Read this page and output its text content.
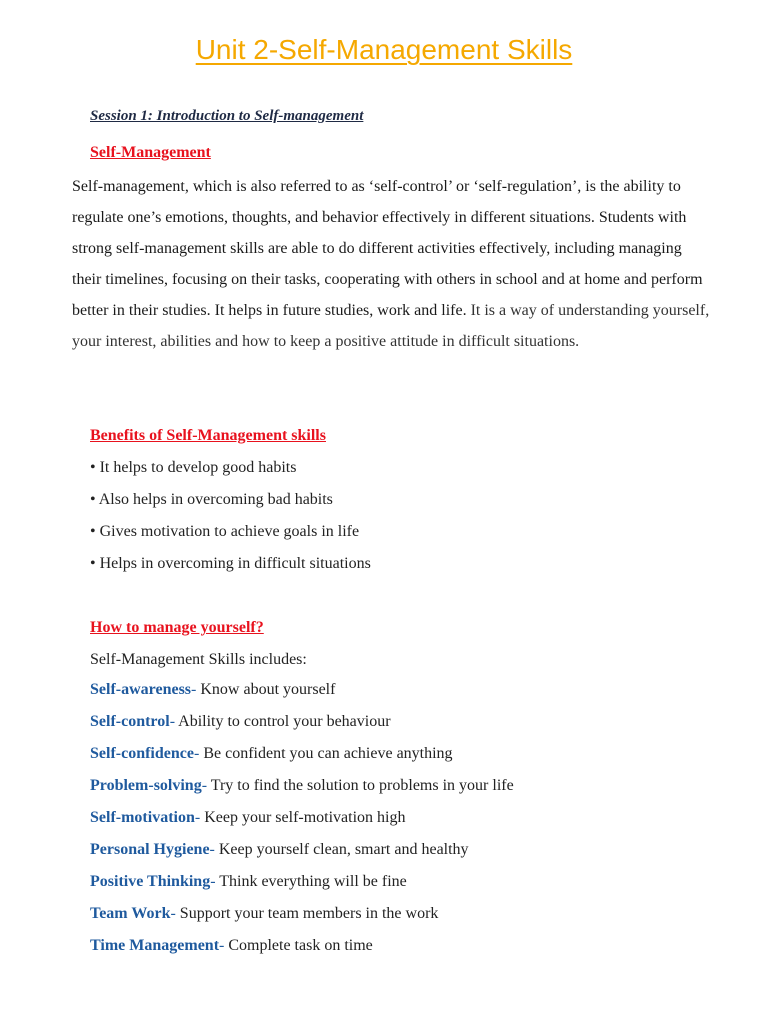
Unit 2-Self-Management Skills

Session 1: Introduction to Self-management

Self-Management

Self-management, which is also referred to as ‘self-control’ or ‘self-regulation’, is the ability to regulate one’s emotions, thoughts, and behavior effectively in different situations. Students with strong self-management skills are able to do different activities effectively, including managing their timelines, focusing on their tasks, cooperating with others in school and at home and perform better in their studies. It helps in future studies, work and life. It is a way of understanding yourself, your interest, abilities and how to keep a positive attitude in difficult situations.

Benefits of Self-Management skills

• It helps to develop good habits
• Also helps in overcoming bad habits
• Gives motivation to achieve goals in life
• Helps in overcoming in difficult situations

How to manage yourself?

Self-Management Skills includes:

Self-awareness- Know about yourself
Self-control- Ability to control your behaviour
Self-confidence- Be confident you can achieve anything
Problem-solving- Try to find the solution to problems in your life
Self-motivation- Keep your self-motivation high
Personal Hygiene- Keep yourself clean, smart and healthy
Positive Thinking- Think everything will be fine
Team Work- Support your team members in the work
Time Management- Complete task on time
